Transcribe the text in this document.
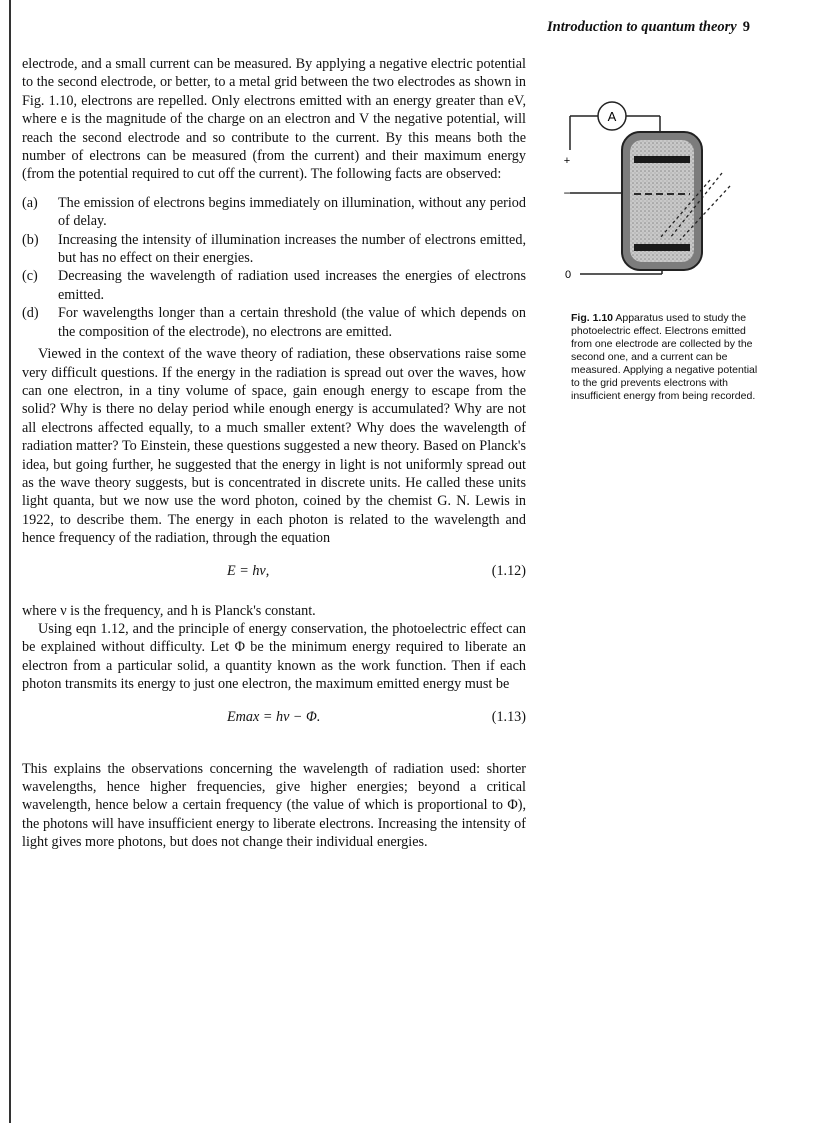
Introduction to quantum theory 9

electrode, and a small current can be measured. By applying a negative electric potential to the second electrode, or better, to a metal grid between the two electrodes as shown in Fig. 1.10, electrons are repelled. Only electrons emitted with an energy greater than eV, where e is the magnitude of the charge on an electron and V the negative potential, will reach the second electrode and so contribute to the current. By this means both the number of electrons can be measured (from the current) and their maximum energy (from the potential required to cut off the current). The following facts are observed:

(a) The emission of electrons begins immediately on illumination, without any period of delay.
(b) Increasing the intensity of illumination increases the number of electrons emitted, but has no effect on their energies.
(c) Decreasing the wavelength of radiation used increases the energies of electrons emitted.
(d) For wavelengths longer than a certain threshold (the value of which depends on the composition of the electrode), no electrons are emitted.

Viewed in the context of the wave theory of radiation, these observations raise some very difficult questions. If the energy in the radiation is spread out over the waves, how can one electron, in a tiny volume of space, gain enough energy to escape from the solid? Why is there no delay period while enough energy is accumulated? Why are not all electrons affected equally, to a much smaller extent? Why does the wavelength of radiation matter? To Einstein, these questions suggested a new theory. Based on Planck's idea, but going further, he suggested that the energy in light is not uniformly spread out as the wave theory suggests, but is concentrated in discrete units. He called these units light quanta, but we now use the word photon, coined by the chemist G. N. Lewis in 1922, to describe them. The energy in each photon is related to the wavelength and hence frequency of the radiation, through the equation

E = hν,	(1.12)

where ν is the frequency, and h is Planck's constant.

Using eqn 1.12, and the principle of energy conservation, the photoelectric effect can be explained without difficulty. Let Φ be the minimum energy required to liberate an electron from a particular solid, a quantity known as the work function. Then if each photon transmits its energy to just one electron, the maximum emitted energy must be

Emax = hν − Φ.	(1.13)

This explains the observations concerning the wavelength of radiation used: shorter wavelengths, hence higher frequencies, give higher energies; beyond a critical wavelength, hence below a certain frequency (the value of which is proportional to Φ), the photons will have insufficient energy to liberate electrons. Increasing the intensity of light gives more photons, but does not change their individual energies.

A
+
−
0
Fig. 1.10 Apparatus used to study the photoelectric effect. Electrons emitted from one electrode are collected by the second one, and a current can be measured. Applying a negative potential to the grid prevents electrons with insufficient energy from being recorded.
